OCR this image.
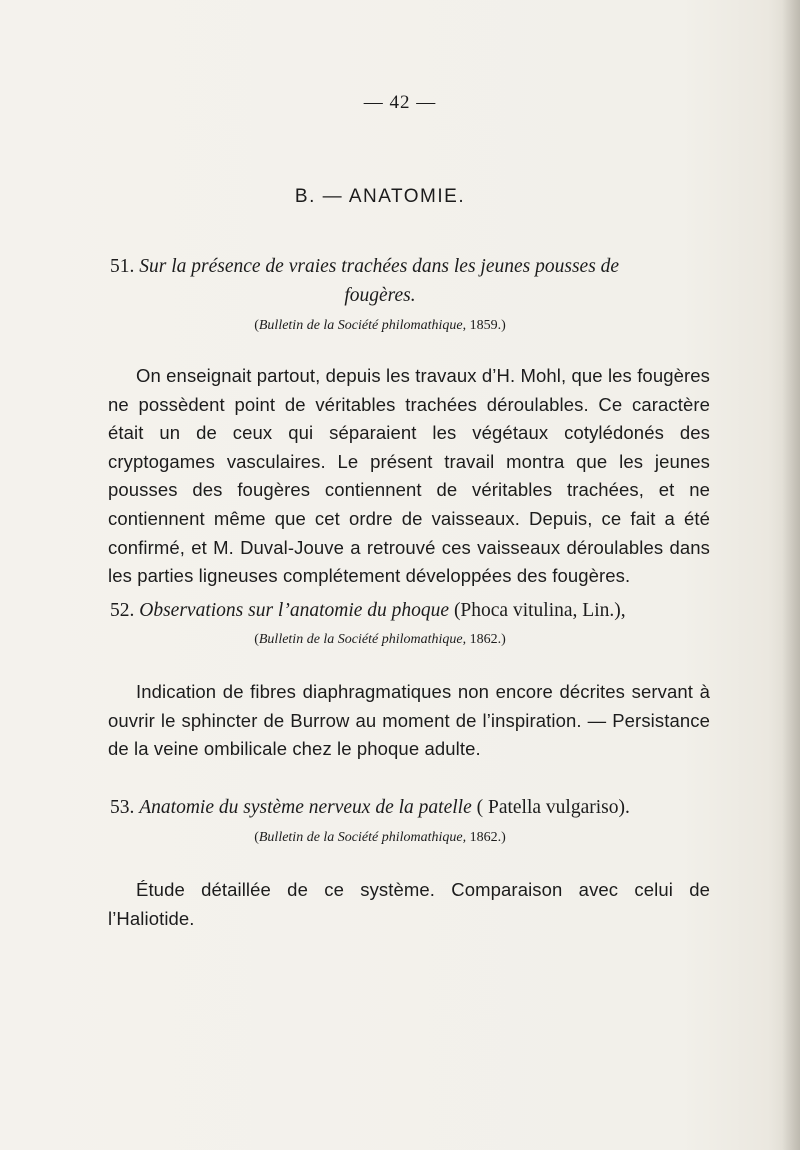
— 42 —
B. — ANATOMIE.
51. Sur la présence de vraies trachées dans les jeunes pousses de
fougères.
(Bulletin de la Société philomathique, 1859.)
On enseignait partout, depuis les travaux d’H. Mohl, que les fougères ne possèdent point de véritables trachées déroulables. Ce caractère était un de ceux qui séparaient les végétaux cotylédonés des cryptogames vasculaires. Le présent travail montra que les jeunes pousses des fougères contiennent de véritables trachées, et ne contiennent même que cet ordre de vaisseaux. Depuis, ce fait a été confirmé, et M. Duval-Jouve a retrouvé ces vaisseaux déroulables dans les parties ligneuses complétement développées des fougères.
52. Observations sur l’anatomie du phoque (Phoca vitulina, Lin.),
(Bulletin de la Société philomathique, 1862.)
Indication de fibres diaphragmatiques non encore décrites servant à ouvrir le sphincter de Burrow au moment de l’inspiration. — Persistance de la veine ombilicale chez le phoque adulte.
53. Anatomie du système nerveux de la patelle ( Patella vulgariso).
(Bulletin de la Société philomathique, 1862.)
Étude détaillée de ce système. Comparaison avec celui de l’Haliotide.
